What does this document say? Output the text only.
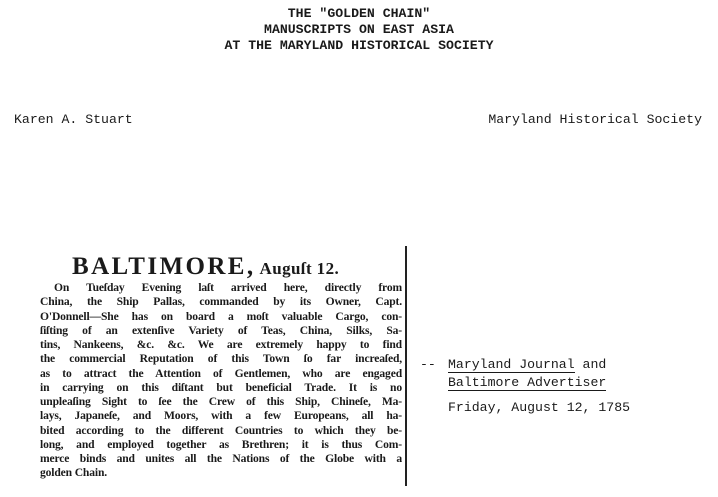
THE "GOLDEN CHAIN"
MANUSCRIPTS ON EAST ASIA
AT THE MARYLAND HISTORICAL SOCIETY
Karen A. Stuart	Maryland Historical Society
BALTIMORE, Auguſt 12.
On Tueſday Evening laſt arrived here, directly from
China, the Ship Pallas, commanded by its Owner, Capt.
O'Donnell—She has on board a moſt valuable Cargo, con-
ſiſting of an extenſive Variety of Teas, China, Silks, Sa-
tins, Nankeens, &c. &c. We are extremely happy to find
the commercial Reputation of this Town ſo far increaſed,
as to attract the Attention of Gentlemen, who are engaged
in carrying on this diſtant but beneficial Trade. It is no
unpleaſing Sight to ſee the Crew of this Ship, Chineſe, Ma-
lays, Japaneſe, and Moors, with a few Europeans, all ha-
bited according to the different Countries to which they be-
long, and employed together as Brethren; it is thus Com-
merce binds and unites all the Nations of the Globe with a
golden Chain.
-- Maryland Journal and
Baltimore Advertiser
Friday, August 12, 1785
